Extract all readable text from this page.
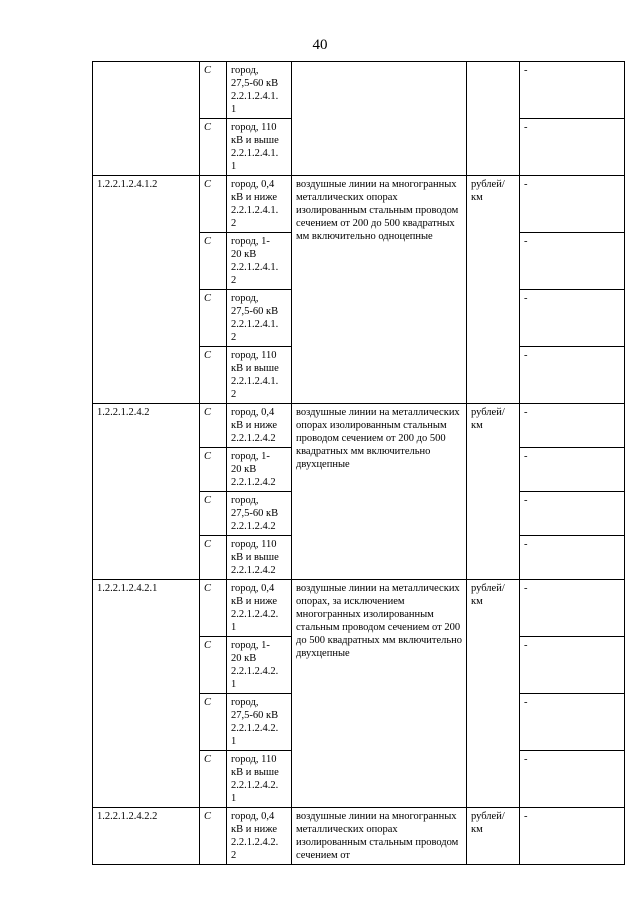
40
	C	город,
27,5-60 кВ
2.2.1.2.4.1.
1			-
	C	город, 110
кВ и выше
2.2.1.2.4.1.
1			-
1.2.2.1.2.4.1.2	C	город, 0,4
кВ и ниже
2.2.1.2.4.1.
2	воздушные линии на многогранных металлических опорах изолированным стальным проводом сечением от 200 до 500 квадратных мм включительно одноцепные	рублей/ км	-
	C	город, 1-
20 кВ
2.2.1.2.4.1.
2			-
	C	город,
27,5-60 кВ
2.2.1.2.4.1.
2			-
	C	город, 110
кВ и выше
2.2.1.2.4.1.
2			-
1.2.2.1.2.4.2	C	город, 0,4
кВ и ниже
2.2.1.2.4.2	воздушные линии на металлических опорах изолированным стальным проводом сечением от 200 до 500 квадратных мм включительно двухцепные	рублей/ км	-
	C	город, 1-
20 кВ
2.2.1.2.4.2			-
	C	город,
27,5-60 кВ
2.2.1.2.4.2			-
	C	город, 110
кВ и выше
2.2.1.2.4.2			-
1.2.2.1.2.4.2.1	C	город, 0,4
кВ и ниже
2.2.1.2.4.2.
1	воздушные линии на металлических опорах, за исключением многогранных изолированным стальным проводом сечением от 200 до 500 квадратных мм включительно двухцепные	рублей/ км	-
	C	город, 1-
20 кВ
2.2.1.2.4.2.
1			-
	C	город,
27,5-60 кВ
2.2.1.2.4.2.
1			-
	C	город, 110
кВ и выше
2.2.1.2.4.2.
1			-
1.2.2.1.2.4.2.2	C	город, 0,4
кВ и ниже
2.2.1.2.4.2.
2	воздушные линии на многогранных металлических опорах изолированным стальным проводом сечением от	рублей/ км	-
